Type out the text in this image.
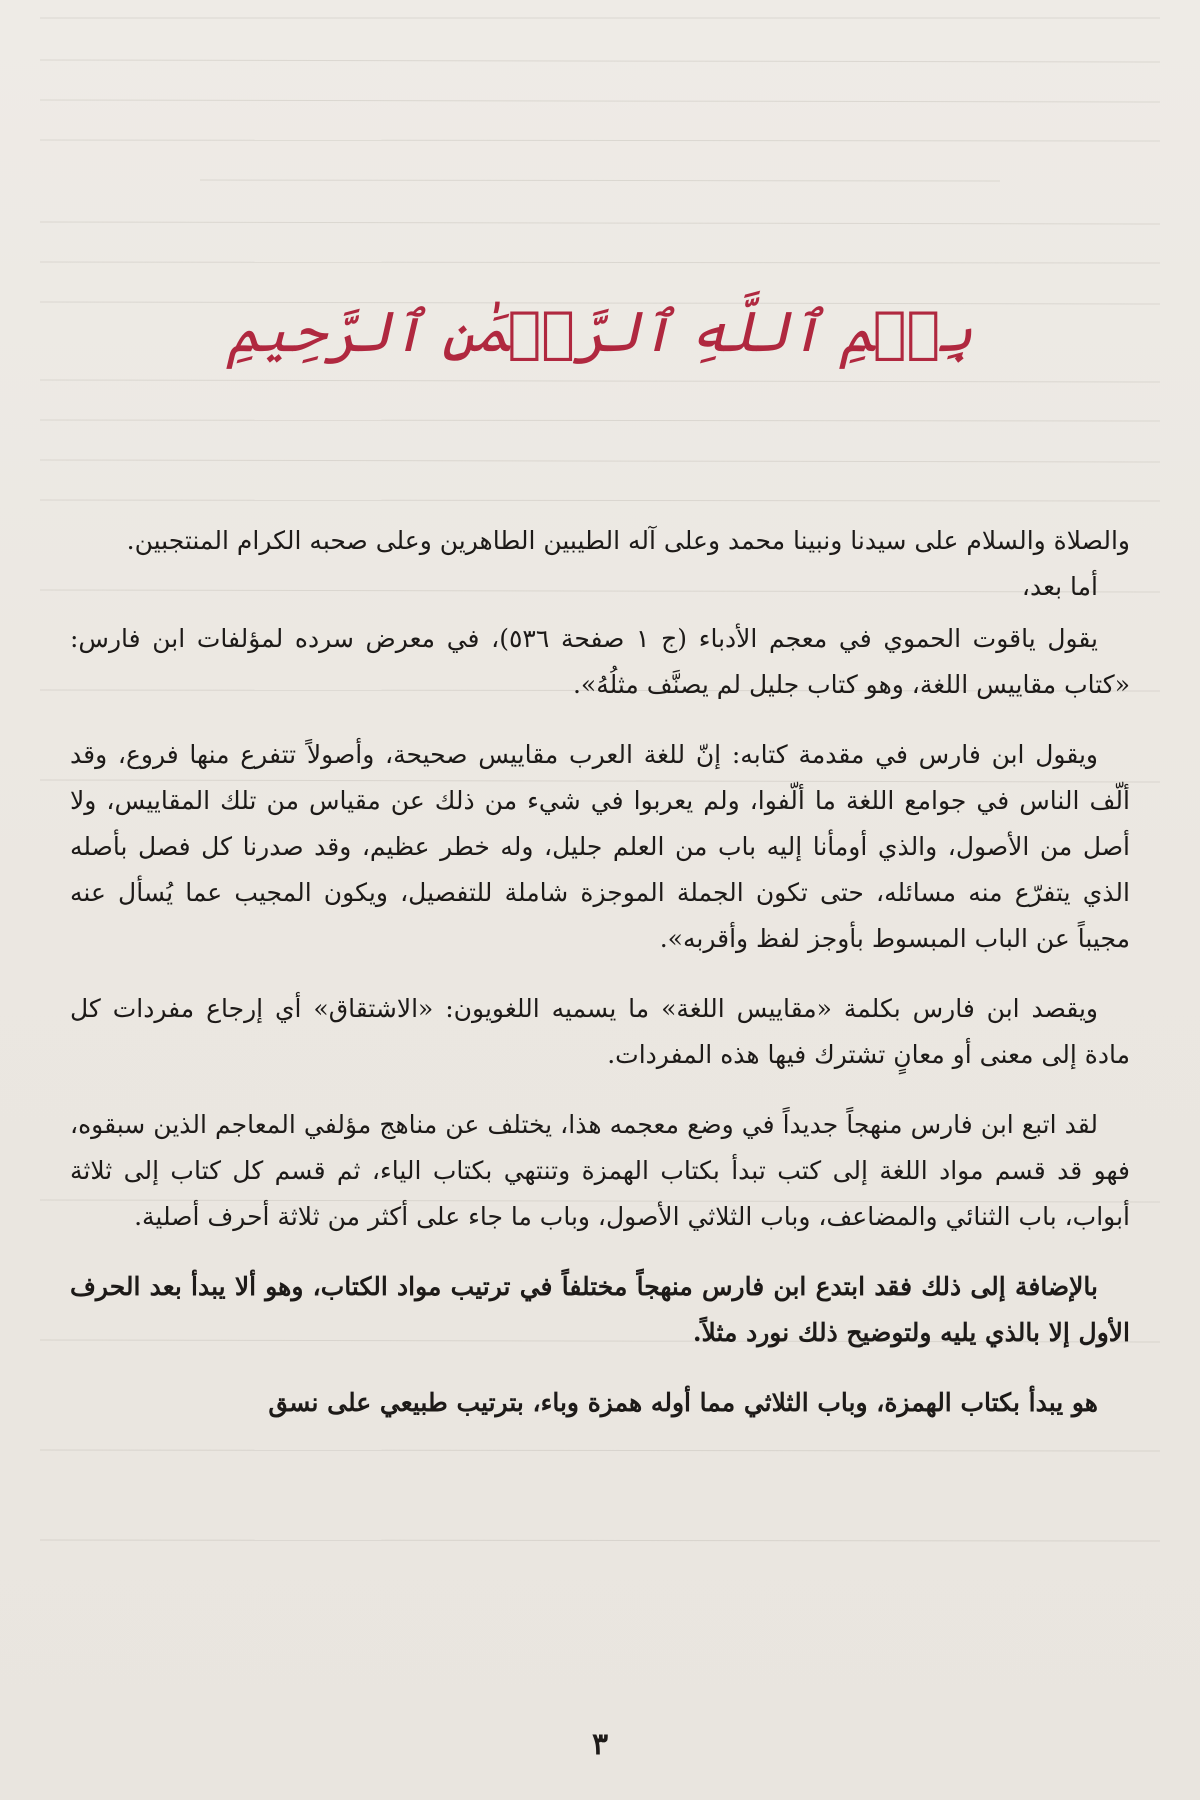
بِسۡمِ ٱللَّهِ ٱلرَّحۡمَٰنِ ٱلرَّحِيمِ

والصلاة والسلام على سيدنا ونبينا محمد وعلى آله الطيبين الطاهرين وعلى صحبه الكرام المنتجبين.

أما بعد،

يقول ياقوت الحموي في معجم الأدباء (ج ١ صفحة ٥٣٦)، في معرض سرده لمؤلفات ابن فارس: «كتاب مقاييس اللغة، وهو كتاب جليل لم يصنَّف مثلُهُ».

ويقول ابن فارس في مقدمة كتابه: إنّ للغة العرب مقاييس صحيحة، وأصولاً تتفرع منها فروع، وقد ألّف الناس في جوامع اللغة ما ألّفوا، ولم يعربوا في شيء من ذلك عن مقياس من تلك المقاييس، ولا أصل من الأصول، والذي أومأنا إليه باب من العلم جليل، وله خطر عظيم، وقد صدرنا كل فصل بأصله الذي يتفرّع منه مسائله، حتى تكون الجملة الموجزة شاملة للتفصيل، ويكون المجيب عما يُسأل عنه مجيباً عن الباب المبسوط بأوجز لفظ وأقربه».

ويقصد ابن فارس بكلمة «مقاييس اللغة» ما يسميه اللغويون: «الاشتقاق» أي إرجاع مفردات كل مادة إلى معنى أو معانٍ تشترك فيها هذه المفردات.

لقد اتبع ابن فارس منهجاً جديداً في وضع معجمه هذا، يختلف عن مناهج مؤلفي المعاجم الذين سبقوه، فهو قد قسم مواد اللغة إلى كتب تبدأ بكتاب الهمزة وتنتهي بكتاب الياء، ثم قسم كل كتاب إلى ثلاثة أبواب، باب الثنائي والمضاعف، وباب الثلاثي الأصول، وباب ما جاء على أكثر من ثلاثة أحرف أصلية.

بالإضافة إلى ذلك فقد ابتدع ابن فارس منهجاً مختلفاً في ترتيب مواد الكتاب، وهو ألا يبدأ بعد الحرف الأول إلا بالذي يليه ولتوضيح ذلك نورد مثلاً.

هو يبدأ بكتاب الهمزة، وباب الثلاثي مما أوله همزة وباء، بترتيب طبيعي على نسق

٣
